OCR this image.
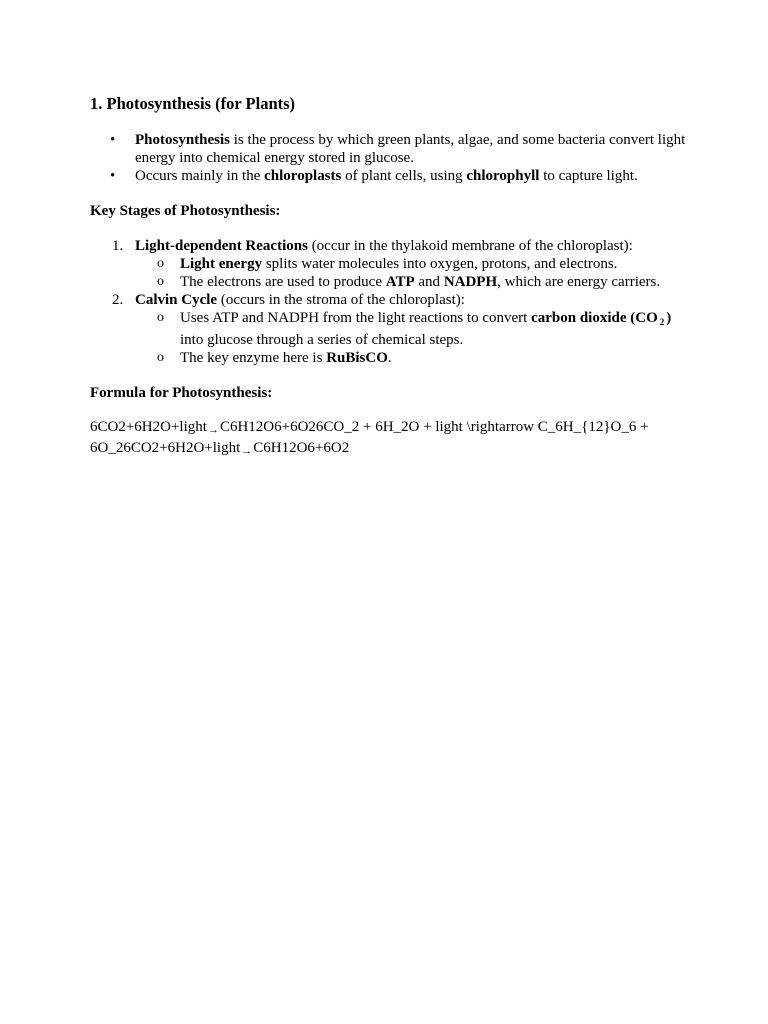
1. Photosynthesis (for Plants)
• Photosynthesis is the process by which green plants, algae, and some bacteria convert light energy into chemical energy stored in glucose.
• Occurs mainly in the chloroplasts of plant cells, using chlorophyll to capture light.
Key Stages of Photosynthesis:
1. Light-dependent Reactions (occur in the thylakoid membrane of the chloroplast):
o Light energy splits water molecules into oxygen, protons, and electrons.
o The electrons are used to produce ATP and NADPH, which are energy carriers.
2. Calvin Cycle (occurs in the stroma of the chloroplast):
o Uses ATP and NADPH from the light reactions to convert carbon dioxide (CO $_2$ ) into glucose through a series of chemical steps.
o The key enzyme here is RuBisCO.
Formula for Photosynthesis:
6CO2+6H2O+light→C6H12O6+6O26CO_2 + 6H_2O + light \rightarrow C_6H_{12}O_6 + 6O_26CO2+6H2O+light→C6H12O6+6O2
